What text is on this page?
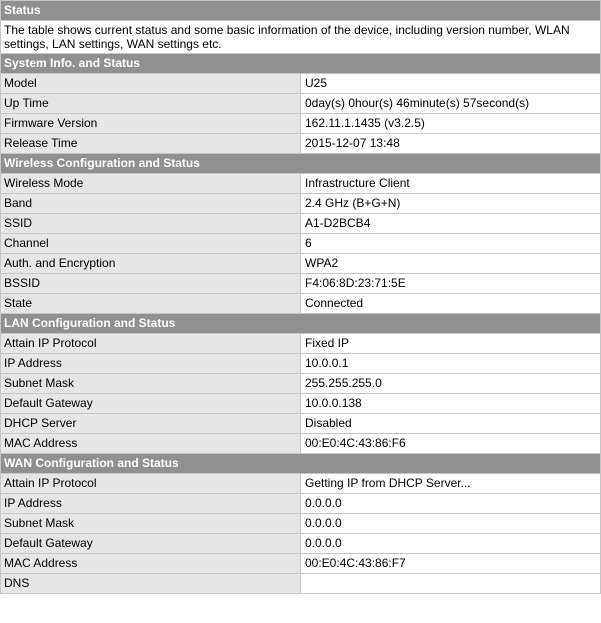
Status	
The table shows current status and some basic information of the device, including version number, WLAN settings, LAN settings, WAN settings etc.	
System Info. and Status	
Model	U25
Up Time	0day(s) 0hour(s) 46minute(s) 57second(s)
Firmware Version	162.11.1.1435 (v3.2.5)
Release Time	2015-12-07 13:48
Wireless Configuration and Status	
Wireless Mode	Infrastructure Client
Band	2.4 GHz (B+G+N)
SSID	A1-D2BCB4
Channel	6
Auth. and Encryption	WPA2
BSSID	F4:06:8D:23:71:5E
State	Connected
LAN Configuration and Status	
Attain IP Protocol	Fixed IP
IP Address	10.0.0.1
Subnet Mask	255.255.255.0
Default Gateway	10.0.0.138
DHCP Server	Disabled
MAC Address	00:E0:4C:43:86:F6
WAN Configuration and Status	
Attain IP Protocol	Getting IP from DHCP Server...
IP Address	0.0.0.0
Subnet Mask	0.0.0.0
Default Gateway	0.0.0.0
MAC Address	00:E0:4C:43:86:F7
DNS	
